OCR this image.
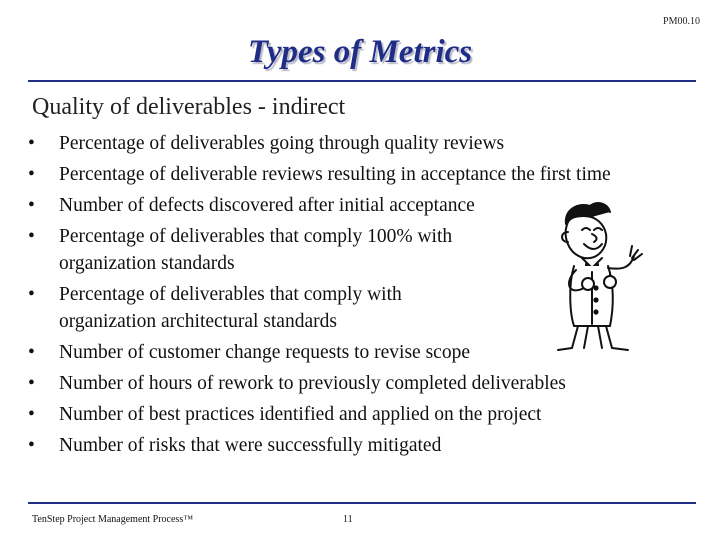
PM00.10
Types of Metrics
Quality of deliverables - indirect
•	Percentage of deliverables going through quality reviews
•	Percentage of deliverable reviews resulting in acceptance the first time
•	Number of defects discovered after initial acceptance
•	Percentage of deliverables that comply 100% with organization standards
•	Percentage of deliverables that comply with organization architectural standards
•	Number of customer change requests to revise scope
•	Number of hours of rework to previously completed deliverables
•	Number of best practices identified and applied on the project
•	Number of risks that were successfully mitigated
TenStep Project Management Process™	11
